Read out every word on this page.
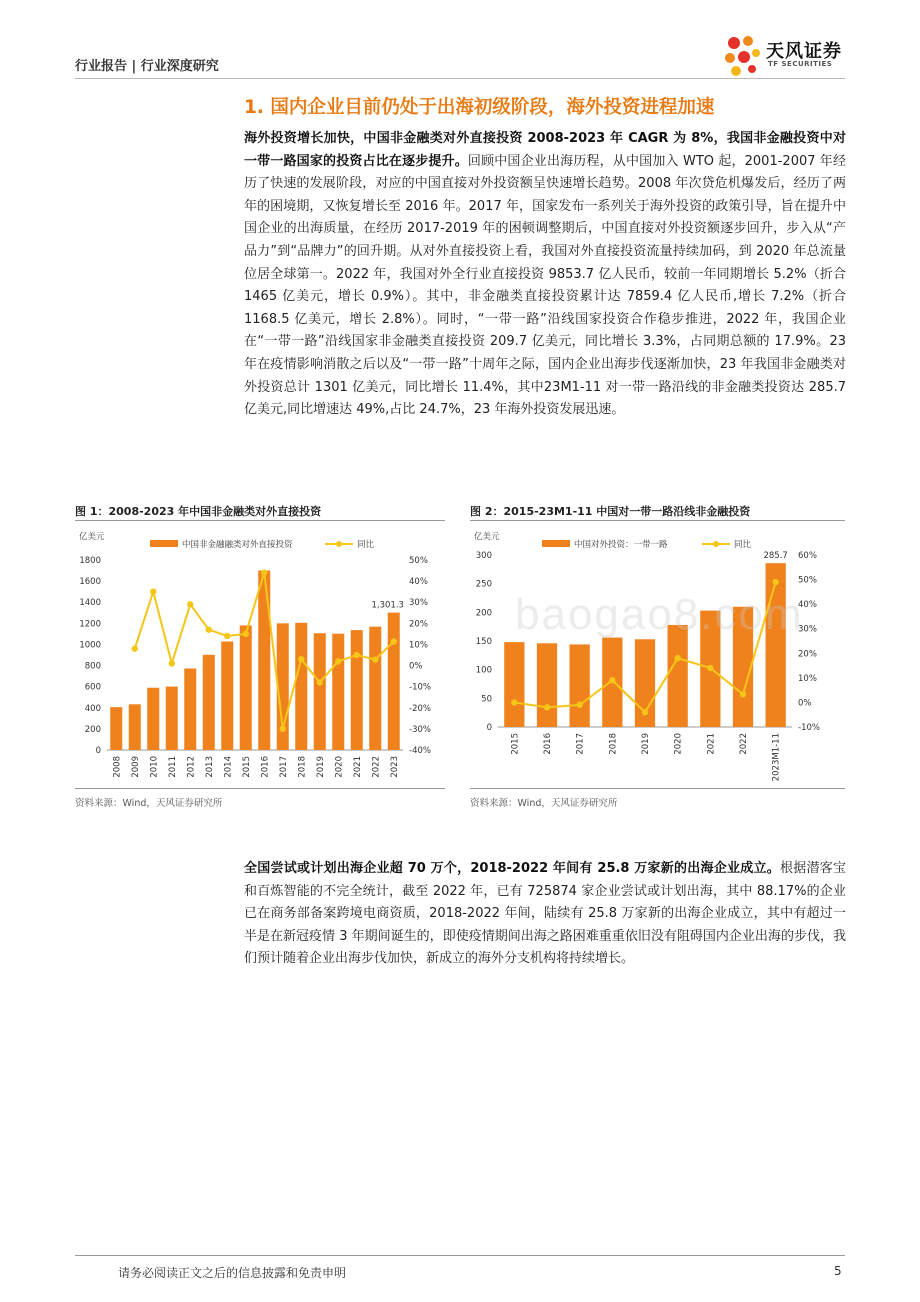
行业报告 | 行业深度研究
天风证券
TF SECURITIES
1. 国内企业目前仍处于出海初级阶段，海外投资进程加速
海外投资增长加快，中国非金融类对外直接投资 2008-2023 年 CAGR 为 8%，我国非金融投资中对一带一路国家的投资占比在逐步提升。回顾中国企业出海历程，从中国加入 WTO 起，2001-2007 年经历了快速的发展阶段，对应的中国直接对外投资额呈快速增长趋势。2008 年次贷危机爆发后，经历了两年的困境期，又恢复增长至 2016 年。2017 年，国家发布一系列关于海外投资的政策引导，旨在提升中国企业的出海质量，在经历 2017-2019 年的困顿调整期后，中国直接对外投资额逐步回升，步入从“产品力”到“品牌力”的回升期。从对外直接投资上看，我国对外直接投资流量持续加码，到 2020 年总流量位居全球第一。2022 年，我国对外全行业直接投资 9853.7 亿人民币，较前一年同期增长 5.2%（折合 1465 亿美元，增长 0.9%）。其中，非金融类直接投资累计达 7859.4 亿人民币,增长 7.2%（折合 1168.5 亿美元，增长 2.8%）。同时，“一带一路”沿线国家投资合作稳步推进，2022 年，我国企业在“一带一路”沿线国家非金融类直接投资 209.7 亿美元，同比增长 3.3%，占同期总额的 17.9%。23 年在疫情影响消散之后以及“一带一路”十周年之际，国内企业出海步伐逐渐加快，23 年我国非金融类对外投资总计 1301 亿美元，同比增长 11.4%，其中23M1-11 对一带一路沿线的非金融类投资达 285.7 亿美元,同比增速达 49%,占比 24.7%，23 年海外投资发展迅速。
图 1：2008-2023 年中国非金融类对外直接投资
亿美元
中国非金融融类对外直接投资	同比
0
200
400
600
800
1000
1200
1400
1600
1800
-40%
-30%
-20%
-10%
0%
10%
20%
30%
40%
50%
1,301.3
2008 2009 2010 2011 2012 2013 2014 2015 2016 2017 2018 2019 2020 2021 2022 2023
资料来源：Wind，天风证券研究所
图 2：2015-23M1-11 中国对一带一路沿线非金融投资
亿美元
中国对外投资：一带一路	同比
0
50
100
150
200
250
300
-10%
0%
10%
20%
30%
40%
50%
60%
285.7
2015	2016	2017	2018	2019	2020	2021	2022	2023M1-11
资料来源：Wind，天风证券研究所
baogao8.com
全国尝试或计划出海企业超 70 万个，2018-2022 年间有 25.8 万家新的出海企业成立。根据潜客宝和百炼智能的不完全统计，截至 2022 年，已有 725874 家企业尝试或计划出海，其中 88.17%的企业已在商务部备案跨境电商资质，2018-2022 年间，陆续有 25.8 万家新的出海企业成立，其中有超过一半是在新冠疫情 3 年期间诞生的，即使疫情期间出海之路困难重重依旧没有阻碍国内企业出海的步伐，我们预计随着企业出海步伐加快，新成立的海外分支机构将持续增长。
请务必阅读正文之后的信息披露和免责申明	5
